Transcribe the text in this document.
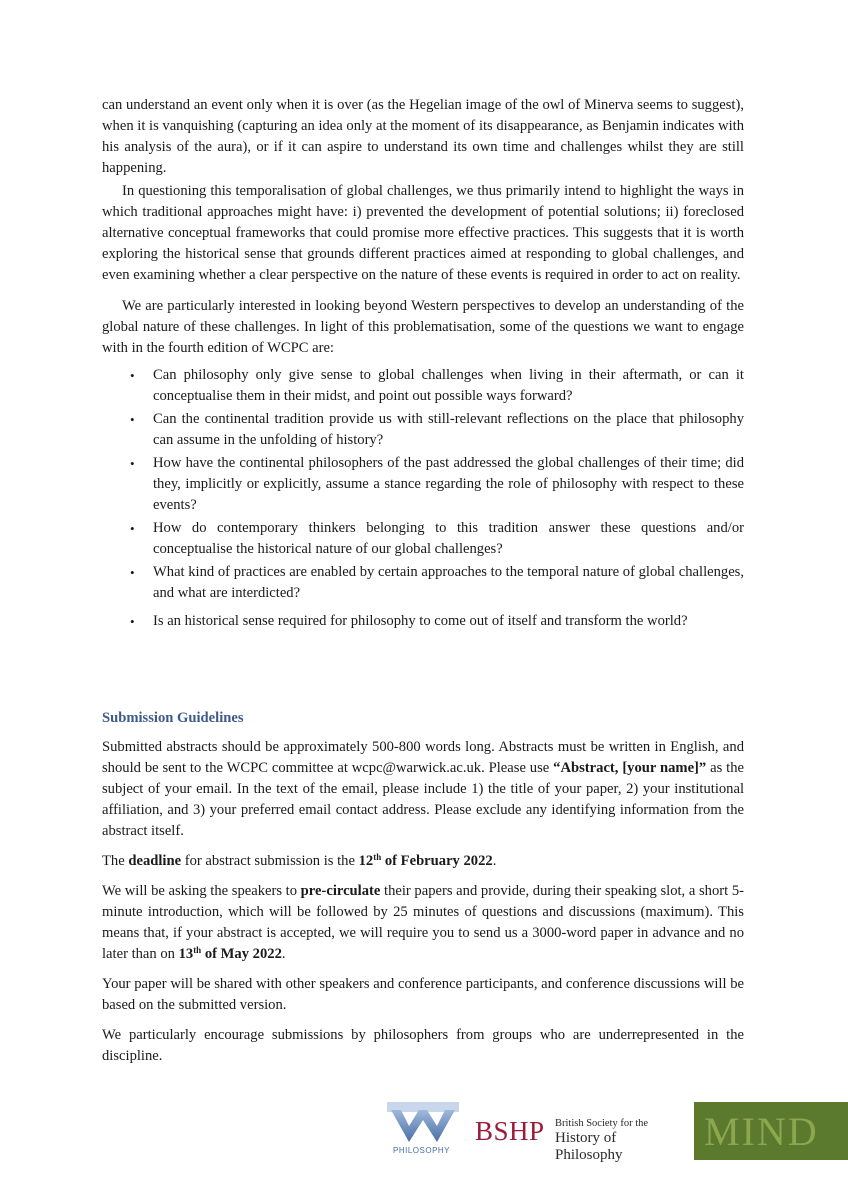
can understand an event only when it is over (as the Hegelian image of the owl of Minerva seems to suggest), when it is vanquishing (capturing an idea only at the moment of its disappearance, as Benjamin indicates with his analysis of the aura), or if it can aspire to understand its own time and challenges whilst they are still happening.

In questioning this temporalisation of global challenges, we thus primarily intend to highlight the ways in which traditional approaches might have: i) prevented the development of potential solutions; ii) foreclosed alternative conceptual frameworks that could promise more effective practices. This suggests that it is worth exploring the historical sense that grounds different practices aimed at responding to global challenges, and even examining whether a clear perspective on the nature of these events is required in order to act on reality.

We are particularly interested in looking beyond Western perspectives to develop an understanding of the global nature of these challenges. In light of this problematisation, some of the questions we want to engage with in the fourth edition of WCPC are:

• Can philosophy only give sense to global challenges when living in their aftermath, or can it conceptualise them in their midst, and point out possible ways forward?
• Can the continental tradition provide us with still-relevant reflections on the place that philosophy can assume in the unfolding of history?
• How have the continental philosophers of the past addressed the global challenges of their time; did they, implicitly or explicitly, assume a stance regarding the role of philosophy with respect to these events?
• How do contemporary thinkers belonging to this tradition answer these questions and/or conceptualise the historical nature of our global challenges?
• What kind of practices are enabled by certain approaches to the temporal nature of global challenges, and what are interdicted?
• Is an historical sense required for philosophy to come out of itself and transform the world?
Submission Guidelines

Submitted abstracts should be approximately 500-800 words long. Abstracts must be written in English, and should be sent to the WCPC committee at wcpc@warwick.ac.uk. Please use “Abstract, [your name]” as the subject of your email. In the text of the email, please include 1) the title of your paper, 2) your institutional affiliation, and 3) your preferred email contact address. Please exclude any identifying information from the abstract itself.

The deadline for abstract submission is the 12th of February 2022.

We will be asking the speakers to pre-circulate their papers and provide, during their speaking slot, a short 5-minute introduction, which will be followed by 25 minutes of questions and discussions (maximum). This means that, if your abstract is accepted, we will require you to send us a 3000-word paper in advance and no later than on 13th of May 2022.

Your paper will be shared with other speakers and conference participants, and conference discussions will be based on the submitted version.

We particularly encourage submissions by philosophers from groups who are underrepresented in the discipline.

PHILOSOPHY
BSHP British Society for the
History of Philosophy
MIND
